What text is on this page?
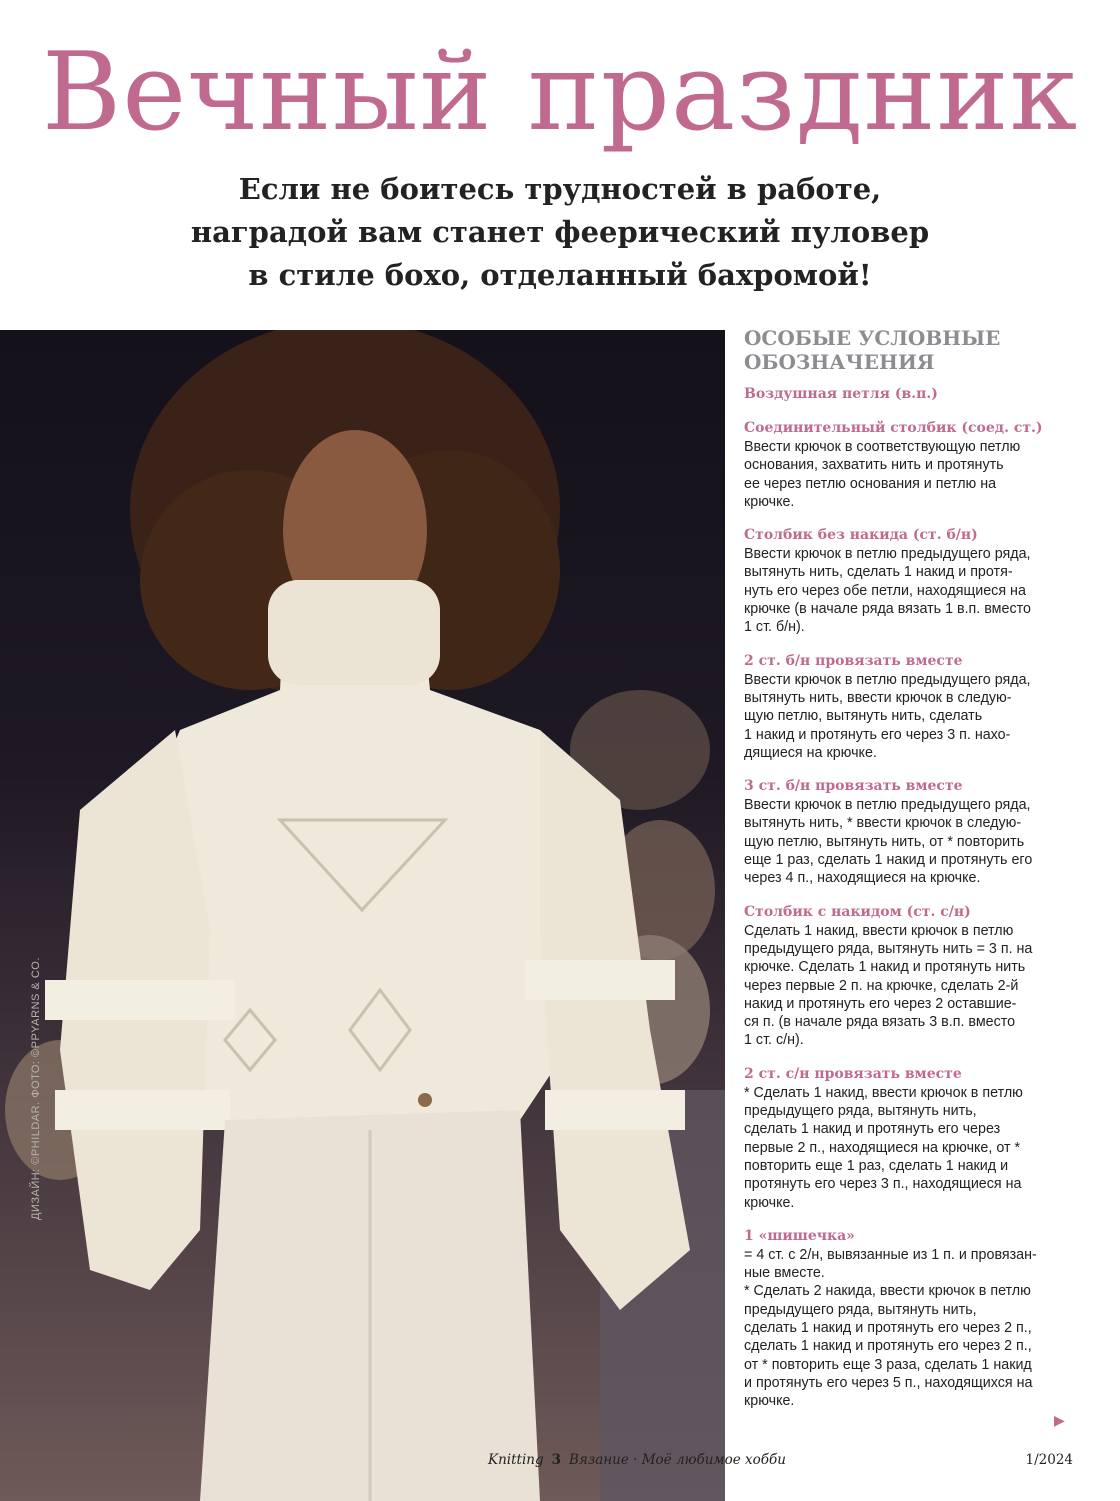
Вечный праздник
Если не боитесь трудностей в работе,
наградой вам станет феерический пуловер
в стиле бохо, отделанный бахромой!
ДИЗАЙН: ©PHILDAR. ФОТО: ©PPYARNS & CO.
ОСОБЫЕ УСЛОВНЫЕ
ОБОЗНАЧЕНИЯ
Воздушная петля (в.п.)
Соединительный столбик (соед. ст.)
Ввести крючок в соответствующую петлю
основания, захватить нить и протянуть
ее через петлю основания и петлю на
крючке.
Столбик без накида (ст. б/н)
Ввести крючок в петлю предыдущего ряда,
вытянуть нить, сделать 1 накид и протя-
нуть его через обе петли, находящиеся на
крючке (в начале ряда вязать 1 в.п. вместо
1 ст. б/н).
2 ст. б/н провязать вместе
Ввести крючок в петлю предыдущего ряда,
вытянуть нить, ввести крючок в следую-
щую петлю, вытянуть нить, сделать
1 накид и протянуть его через 3 п. нахо-
дящиеся на крючке.
3 ст. б/н провязать вместе
Ввести крючок в петлю предыдущего ряда,
вытянуть нить, * ввести крючок в следую-
щую петлю, вытянуть нить, от * повторить
еще 1 раз, сделать 1 накид и протянуть его
через 4 п., находящиеся на крючке.
Столбик с накидом (ст. с/н)
Сделать 1 накид, ввести крючок в петлю
предыдущего ряда, вытянуть нить = 3 п. на
крючке. Сделать 1 накид и протянуть нить
через первые 2 п. на крючке, сделать 2-й
накид и протянуть его через 2 оставшие-
ся п. (в начале ряда вязать 3 в.п. вместо
1 ст. с/н).
2 ст. с/н провязать вместе
* Сделать 1 накид, ввести крючок в петлю
предыдущего ряда, вытянуть нить,
сделать 1 накид и протянуть его через
первые 2 п., находящиеся на крючке, от *
повторить еще 1 раз, сделать 1 накид и
протянуть его через 3 п., находящиеся на
крючке.
1 «шишечка»
= 4 ст. с 2/н, вывязанные из 1 п. и провязан-
ные вместе.
* Сделать 2 накида, ввести крючок в петлю
предыдущего ряда, вытянуть нить,
сделать 1 накид и протянуть его через 2 п.,
сделать 1 накид и протянуть его через 2 п.,
от * повторить еще 3 раза, сделать 1 накид
и протянуть его через 5 п., находящихся на
крючке.
▶
Knitting 3 Вязание · Моё любимое хобби	1/2024
